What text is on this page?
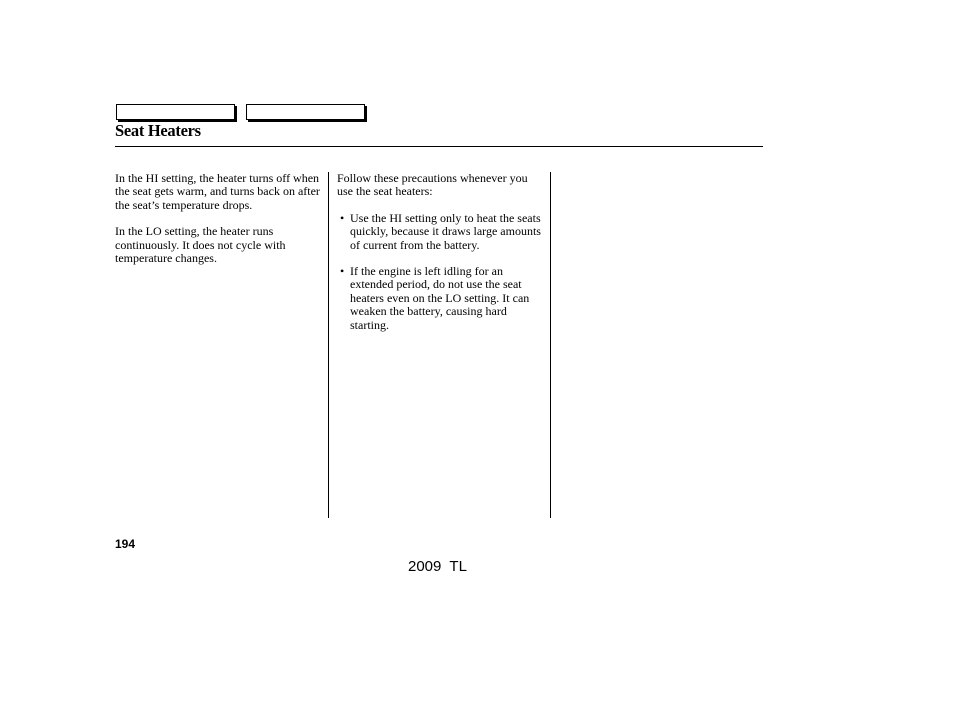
Seat Heaters

In the HI setting, the heater turns off when the seat gets warm, and turns back on after the seat’s temperature drops.

In the LO setting, the heater runs continuously. It does not cycle with temperature changes.

Follow these precautions whenever you use the seat heaters:

• Use the HI setting only to heat the seats quickly, because it draws large amounts of current from the battery.
• If the engine is left idling for an extended period, do not use the seat heaters even on the LO setting. It can weaken the battery, causing hard starting.
194
2009  TL
